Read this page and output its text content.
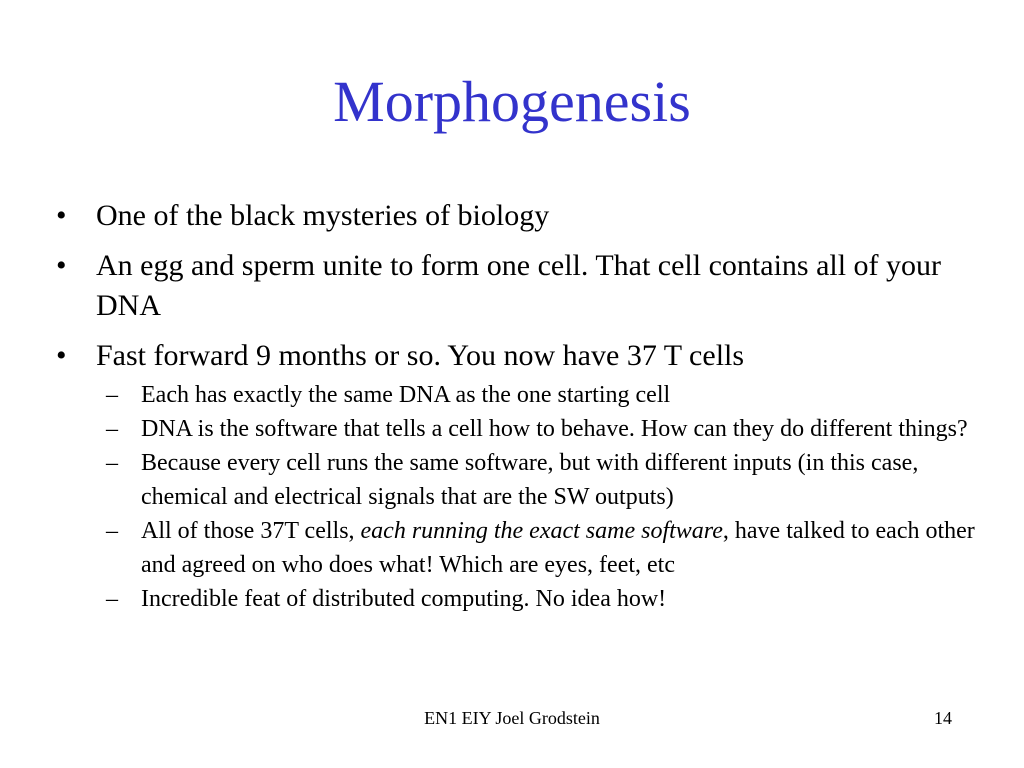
Morphogenesis
• One of the black mysteries of biology
• An egg and sperm unite to form one cell. That cell contains all of your DNA
• Fast forward 9 months or so. You now have 37 T cells
– Each has exactly the same DNA as the one starting cell
– DNA is the software that tells a cell how to behave. How can they do different things?
– Because every cell runs the same software, but with different inputs (in this case, chemical and electrical signals that are the SW outputs)
– All of those 37T cells, each running the exact same software, have talked to each other and agreed on who does what! Which are eyes, feet, etc
– Incredible feat of distributed computing. No idea how!
EN1 EIY Joel Grodstein	14
